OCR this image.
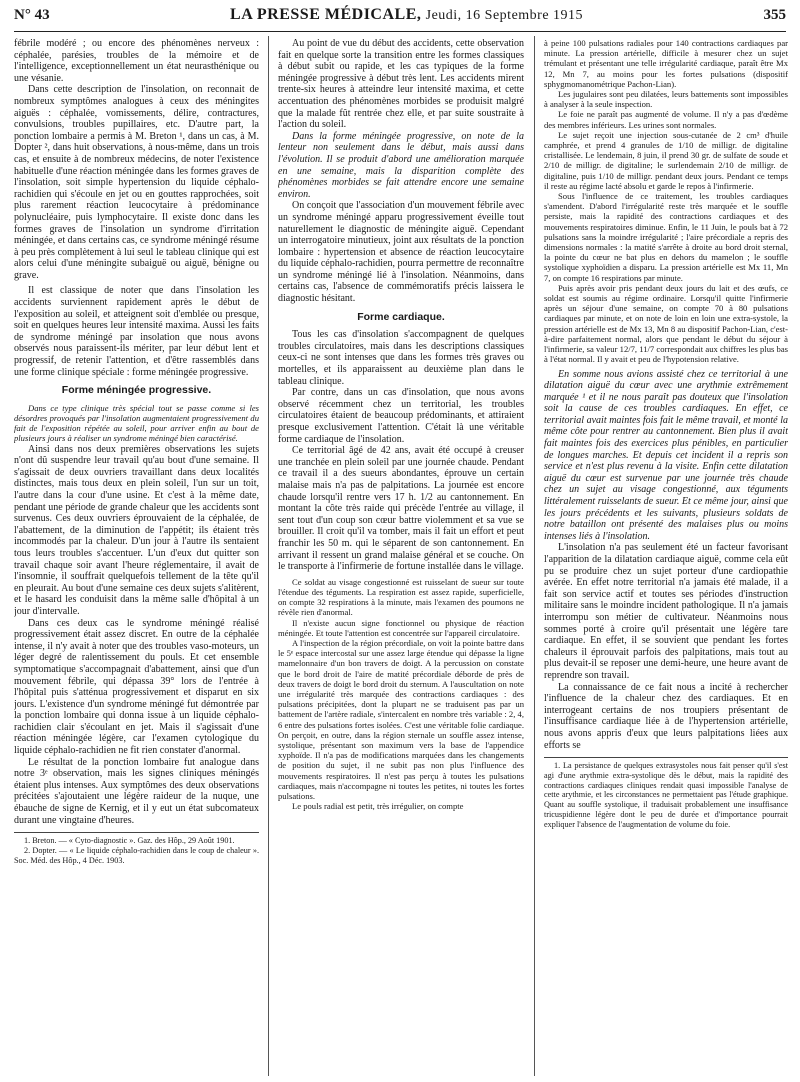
N° 43	LA PRESSE MÉDICALE, Jeudi, 16 Septembre 1915	355

fébrile modéré ; ou encore des phénomènes nerveux : céphalée, parésies, troubles de la mémoire et de l'intelligence, exceptionnellement un état neurasthénique ou une vésanie.

Dans cette description de l'insolation, on reconnait de nombreux symptômes analogues à ceux des méningites aiguës : céphalée, vomissements, délire, contractures, convulsions, troubles pupillaires, etc. D'autre part, la ponction lombaire a permis à M. Breton ¹, dans un cas, à M. Dopter ², dans huit observations, à nous-même, dans un trois cas, et ensuite à de nombreux médecins, de noter l'existence habituelle d'une réaction méningée dans les formes graves de l'insolation, soit simple hypertension du liquide céphalo-rachidien qui s'écoule en jet ou en gouttes rapprochées, soit plus rarement réaction leucocytaire à prédominance polynucléaire, puis lymphocytaire. Il existe donc dans les formes graves de l'insolation un syndrome d'irritation méningée, et dans certains cas, ce syndrome méningé résume à peu près complètement à lui seul le tableau clinique qui est alors celui d'une méningite subaiguë ou aiguë, bénigne ou grave.

Il est classique de noter que dans l'insolation les accidents surviennent rapidement après le début de l'exposition au soleil, et atteignent soit d'emblée ou presque, soit en quelques heures leur intensité maxima. Aussi les faits de syndrome méningé par insolation que nous avons observés nous paraissent-ils mériter, par leur début lent et progressif, de retenir l'attention, et d'être rassemblés dans une forme clinique spéciale : forme méningée progressive.

Forme méningée progressive.

Dans ce type clinique très spécial tout se passe comme si les désordres provoqués par l'insolation augmentaient progressivement du fait de l'exposition répétée au soleil, pour arriver enfin au bout de plusieurs jours à réaliser un syndrome méningé bien caractérisé.

Ainsi dans nos deux premières observations les sujets n'ont dû suspendre leur travail qu'au bout d'une semaine. Il s'agissait de deux ouvriers travaillant dans deux localités distinctes, mais tous deux en plein soleil, l'un sur un toit, l'autre dans la cour d'une usine. Et c'est à la même date, pendant une période de grande chaleur que les accidents sont survenus. Ces deux ouvriers éprouvaient de la céphalée, de l'abattement, de la diminution de l'appétit; ils étaient très incommodés par la chaleur. D'un jour à l'autre ils sentaient tous leurs troubles s'accentuer. L'un d'eux dut quitter son travail chaque soir avant l'heure réglementaire, il avait de l'insomnie, il souffrait quelquefois tellement de la tête qu'il en pleurait. Au bout d'une semaine ces deux sujets s'alitèrent, et le hasard les conduisit dans la même salle d'hôpital à un jour d'intervalle.

Dans ces deux cas le syndrome méningé réalisé progressivement était assez discret. En outre de la céphalée intense, il n'y avait à noter que des troubles vaso-moteurs, un léger degré de ralentissement du pouls. Et cet ensemble symptomatique s'accompagnait d'abattement, ainsi que d'un mouvement fébrile, qui dépassa 39° lors de l'entrée à l'hôpital puis s'atténua progressivement et disparut en six jours. L'existence d'un syndrome méningé fut démontrée par la ponction lombaire qui donna issue à un liquide céphalo-rachidien clair s'écoulant en jet. Mais il s'agissait d'une réaction méningée légère, car l'examen cytologique du liquide céphalo-rachidien ne fit rien constater d'anormal.

Le résultat de la ponction lombaire fut analogue dans notre 3ᵉ observation, mais les signes cliniques méningés étaient plus intenses. Aux symptômes des deux observations précitées s'ajoutaient une légère raideur de la nuque, une ébauche de signe de Kernig, et il y eut un état subcomateux durant une vingtaine d'heures.

1. Breton. — « Cyto-diagnostic ». Gaz. des Hôp., 29 Août 1901.

2. Dopter. — « Le liquide céphalo-rachidien dans le coup de chaleur ». Soc. Méd. des Hôp., 4 Déc. 1903.

Au point de vue du début des accidents, cette observation fait en quelque sorte la transition entre les formes classiques à début subit ou rapide, et les cas typiques de la forme méningée progressive à début très lent. Les accidents mirent trente-six heures à atteindre leur intensité maxima, et cette accentuation des phénomènes morbides se produisit malgré que la malade fût rentrée chez elle, et par suite soustraite à l'action du soleil.

Dans la forme méningée progressive, on note de la lenteur non seulement dans le début, mais aussi dans l'évolution. Il se produit d'abord une amélioration marquée en une semaine, mais la disparition complète des phénomènes morbides se fait attendre encore une semaine environ.

On conçoit que l'association d'un mouvement fébrile avec un syndrome méningé apparu progressivement éveille tout naturellement le diagnostic de méningite aiguë. Cependant un interrogatoire minutieux, joint aux résultats de la ponction lombaire : hypertension et absence de réaction leucocytaire du liquide céphalo-rachidien, pourra permettre de reconnaître un syndrome méningé lié à l'insolation. Néanmoins, dans certains cas, l'absence de commémoratifs précis laissera le diagnostic hésitant.

Forme cardiaque.

Tous les cas d'insolation s'accompagnent de quelques troubles circulatoires, mais dans les descriptions classiques ceux-ci ne sont intenses que dans les formes très graves ou mortelles, et ils apparaissent au deuxième plan dans le tableau clinique.

Par contre, dans un cas d'insolation, que nous avons observé récemment chez un territorial, les troubles circulatoires étaient de beaucoup prédominants, et attiraient presque exclusivement l'attention. C'était là une véritable forme cardiaque de l'insolation.

Ce territorial âgé de 42 ans, avait été occupé à creuser une tranchée en plein soleil par une journée chaude. Pendant ce travail il a des sueurs abondantes, éprouve un certain malaise mais n'a pas de palpitations. La journée est encore chaude lorsqu'il rentre vers 17 h. 1/2 au cantonnement. En montant la côte très raide qui précède l'entrée au village, il sent tout d'un coup son cœur battre violemment et sa vue se brouiller. Il croit qu'il va tomber, mais il fait un effort et peut franchir les 50 m. qui le séparent de son cantonnement. En arrivant il ressent un grand malaise général et se couche. On le transporte à l'infirmerie de fortune installée dans le village.

Ce soldat au visage congestionné est ruisselant de sueur sur toute l'étendue des téguments. La respiration est assez rapide, superficielle, on compte 32 respirations à la minute, mais l'examen des poumons ne révèle rien d'anormal.

Il n'existe aucun signe fonctionnel ou physique de réaction méningée. Et toute l'attention est concentrée sur l'appareil circulatoire.

A l'inspection de la région précordiale, on voit la pointe battre dans le 5ᵉ espace intercostal sur une assez large étendue qui dépasse la ligne mamelonnaire d'un bon travers de doigt. A la percussion on constate que le bord droit de l'aire de matité précordiale déborde de près de deux travers de doigt le bord droit du sternum. A l'auscultation on note une irrégularité très marquée des contractions cardiaques : des pulsations précipitées, dont la plupart ne se traduisent pas par un battement de l'artère radiale, s'intercalent en nombre très variable : 2, 4, 6 entre des pulsations fortes isolées. C'est une véritable folie cardiaque. On perçoit, en outre, dans la région sternale un souffle assez intense, systolique, présentant son maximum vers la base de l'appendice xyphoïde. Il n'a pas de modifications marquées dans les changements de position du sujet, il ne subit pas non plus l'influence des mouvements respiratoires. Il n'est pas perçu à toutes les pulsations cardiaques, mais n'accompagne ni toutes les petites, ni toutes les fortes pulsations.

Le pouls radial est petit, très irrégulier, on compte

à peine 100 pulsations radiales pour 140 contractions cardiaques par minute. La pression artérielle, difficile à mesurer chez un sujet trémulant et présentant une telle irrégularité cardiaque, paraît être Mx 12, Mn 7, au moins pour les fortes pulsations (dispositif sphygmomanométrique Pachon-Lian).

Les jugulaires sont peu dilatées, leurs battements sont impossibles à analyser à la seule inspection.

Le foie ne paraît pas augmenté de volume. Il n'y a pas d'œdème des membres inférieurs. Les urines sont normales.

Le sujet reçoit une injection sous-cutanée de 2 cm³ d'huile camphrée, et prend 4 granules de 1/10 de milligr. de digitaline cristallisée. Le lendemain, 8 juin, il prend 30 gr. de sulfate de soude et 2/10 de milligr. de digitaline; le surlendemain 2/10 de milligr. de digitaline, puis 1/10 de milligr. pendant deux jours. Pendant ce temps il reste au régime lacté absolu et garde le repos à l'infirmerie.

Sous l'influence de ce traitement, les troubles cardiaques s'amendent. D'abord l'irrégularité reste très marquée et le souffle persiste, mais la rapidité des contractions cardiaques et des mouvements respiratoires diminue. Enfin, le 11 Juin, le pouls bat à 72 pulsations sans la moindre irrégularité ; l'aire précordiale a repris des dimensions normales : la matité s'arrête à droite au bord droit sternal, la pointe du cœur ne bat plus en dehors du mamelon ; le souffle systolique xyphoïdien a disparu. La pression artérielle est Mx 11, Mn 7, on compte 16 respirations par minute.

Puis après avoir pris pendant deux jours du lait et des œufs, ce soldat est soumis au régime ordinaire. Lorsqu'il quitte l'infirmerie après un séjour d'une semaine, on compte 70 à 80 pulsations cardiaques par minute, et on note de loin en loin une extra-systole, la pression artérielle est de Mx 13, Mn 8 au dispositif Pachon-Lian, c'est-à-dire parfaitement normal, alors que pendant le début du séjour à l'infirmerie, sa valeur 12/7, 11/7 correspondait aux chiffres les plus bas à l'état normal. Il y avait et peu de l'hypotension relative.

En somme nous avions assisté chez ce territorial à une dilatation aiguë du cœur avec une arythmie extrêmement marquée ¹ et il ne nous paraît pas douteux que l'insolation soit la cause de ces troubles cardiaques. En effet, ce territorial avait maintes fois fait le même travail, et monté la même côte pour rentrer au cantonnement. Bien plus il avait fait maintes fois des exercices plus pénibles, en particulier de longues marches. Et depuis cet incident il a repris son service et n'est plus revenu à la visite. Enfin cette dilatation aiguë du cœur est survenue par une journée très chaude chez un sujet au visage congestionné, aux téguments littéralement ruisselants de sueur. Et ce même jour, ainsi que les jours précédents et les suivants, plusieurs soldats de notre bataillon ont présenté des malaises plus ou moins intenses liés à l'insolation.

L'insolation n'a pas seulement été un facteur favorisant l'apparition de la dilatation cardiaque aiguë, comme cela eût pu se produire chez un sujet porteur d'une cardiopathie avérée. En effet notre territorial n'a jamais été malade, il a fait son service actif et toutes ses périodes d'instruction militaire sans le moindre incident pathologique. Il n'a jamais interrompu son métier de cultivateur. Néanmoins nous sommes porté à croire qu'il présentait une légère tare cardiaque. En effet, il se souvient que pendant les fortes chaleurs il éprouvait parfois des palpitations, mais tout au plus devait-il se reposer une demi-heure, une heure avant de reprendre son travail.

La connaissance de ce fait nous a incité à rechercher l'influence de la chaleur chez des cardiaques. Et en interrogeant certains de nos troupiers présentant de l'insuffisance cardiaque liée à de l'hypertension artérielle, nous avons appris d'eux que leurs palpitations liées aux efforts se

1. La persistance de quelques extrasystoles nous fait penser qu'il s'est agi d'une arythmie extra-systolique dès le début, mais la rapidité des contractions cardiaques cliniques rendait quasi impossible l'analyse de cette arythmie, et les circonstances ne permettaient pas l'étude graphique. Quant au souffle systolique, il traduisait probablement une insuffisance tricuspidienne légère dont le peu de durée et d'importance pourrait expliquer l'absence de l'augmentation de volume du foie.
